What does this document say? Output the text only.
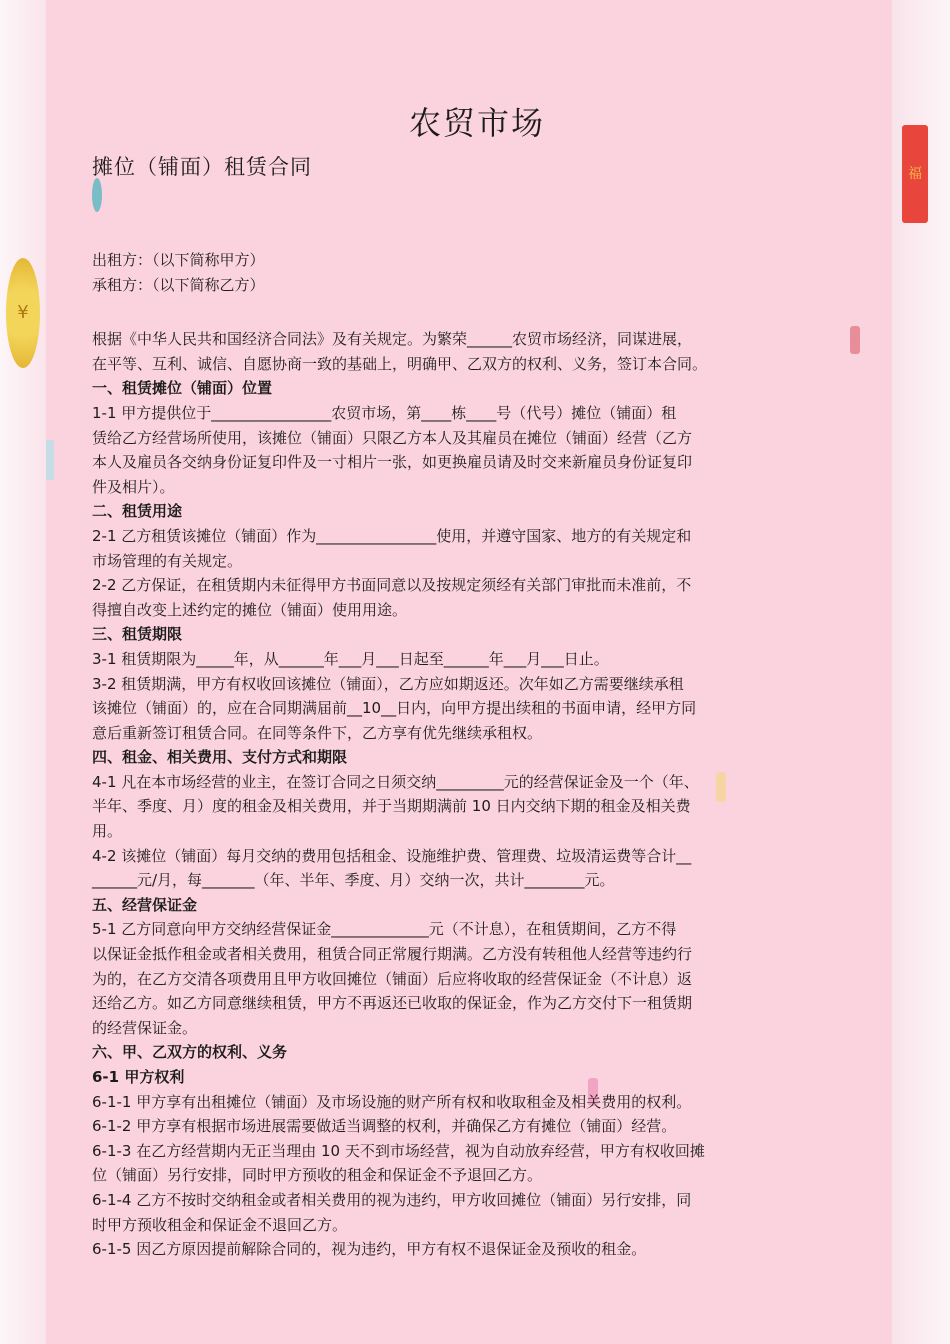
¥
福
农贸市场
摊位（铺面）租赁合同

出租方：（以下简称甲方）

承租方：（以下简称乙方）

根据《中华人民共和国经济合同法》及有关规定。为繁荣______农贸市场经济，同谋进展，

在平等、互利、诚信、自愿协商一致的基础上，明确甲、乙双方的权利、义务，签订本合同。

一、租赁摊位（铺面）位置

1-1 甲方提供位于________________农贸市场，第____栋____号（代号）摊位（铺面）租

赁给乙方经营场所使用，该摊位（铺面）只限乙方本人及其雇员在摊位（铺面）经营（乙方

本人及雇员各交纳身份证复印件及一寸相片一张，如更换雇员请及时交来新雇员身份证复印

件及相片）。

二、租赁用途

2-1 乙方租赁该摊位（铺面）作为________________使用，并遵守国家、地方的有关规定和

市场管理的有关规定。

2-2 乙方保证，在租赁期内未征得甲方书面同意以及按规定须经有关部门审批而未准前，不

得擅自改变上述约定的摊位（铺面）使用用途。

三、租赁期限

3-1 租赁期限为_____年，从______年___月___日起至______年___月___日止。

3-2 租赁期满，甲方有权收回该摊位（铺面），乙方应如期返还。次年如乙方需要继续承租

该摊位（铺面）的，应在合同期满届前__10__日内，向甲方提出续租的书面申请，经甲方同

意后重新签订租赁合同。在同等条件下，乙方享有优先继续承租权。

四、租金、相关费用、支付方式和期限

4-1 凡在本市场经营的业主，在签订合同之日须交纳_________元的经营保证金及一个（年、

半年、季度、月）度的租金及相关费用，并于当期期满前 10 日内交纳下期的租金及相关费

用。

4-2 该摊位（铺面）每月交纳的费用包括租金、设施维护费、管理费、垃圾清运费等合计__

______元/月，每_______（年、半年、季度、月）交纳一次，共计________元。

五、经营保证金

5-1 乙方同意向甲方交纳经营保证金_____________元（不计息），在租赁期间，乙方不得

以保证金抵作租金或者相关费用，租赁合同正常履行期满。乙方没有转租他人经营等违约行

为的，在乙方交清各项费用且甲方收回摊位（铺面）后应将收取的经营保证金（不计息）返

还给乙方。如乙方同意继续租赁，甲方不再返还已收取的保证金，作为乙方交付下一租赁期

的经营保证金。

六、甲、乙双方的权利、义务

6-1 甲方权利

6-1-1 甲方享有出租摊位（铺面）及市场设施的财产所有权和收取租金及相关费用的权利。

6-1-2 甲方享有根据市场进展需要做适当调整的权利，并确保乙方有摊位（铺面）经营。

6-1-3 在乙方经营期内无正当理由 10 天不到市场经营，视为自动放弃经营，甲方有权收回摊

位（铺面）另行安排，同时甲方预收的租金和保证金不予退回乙方。

6-1-4 乙方不按时交纳租金或者相关费用的视为违约，甲方收回摊位（铺面）另行安排，同

时甲方预收租金和保证金不退回乙方。

6-1-5 因乙方原因提前解除合同的，视为违约，甲方有权不退保证金及预收的租金。
